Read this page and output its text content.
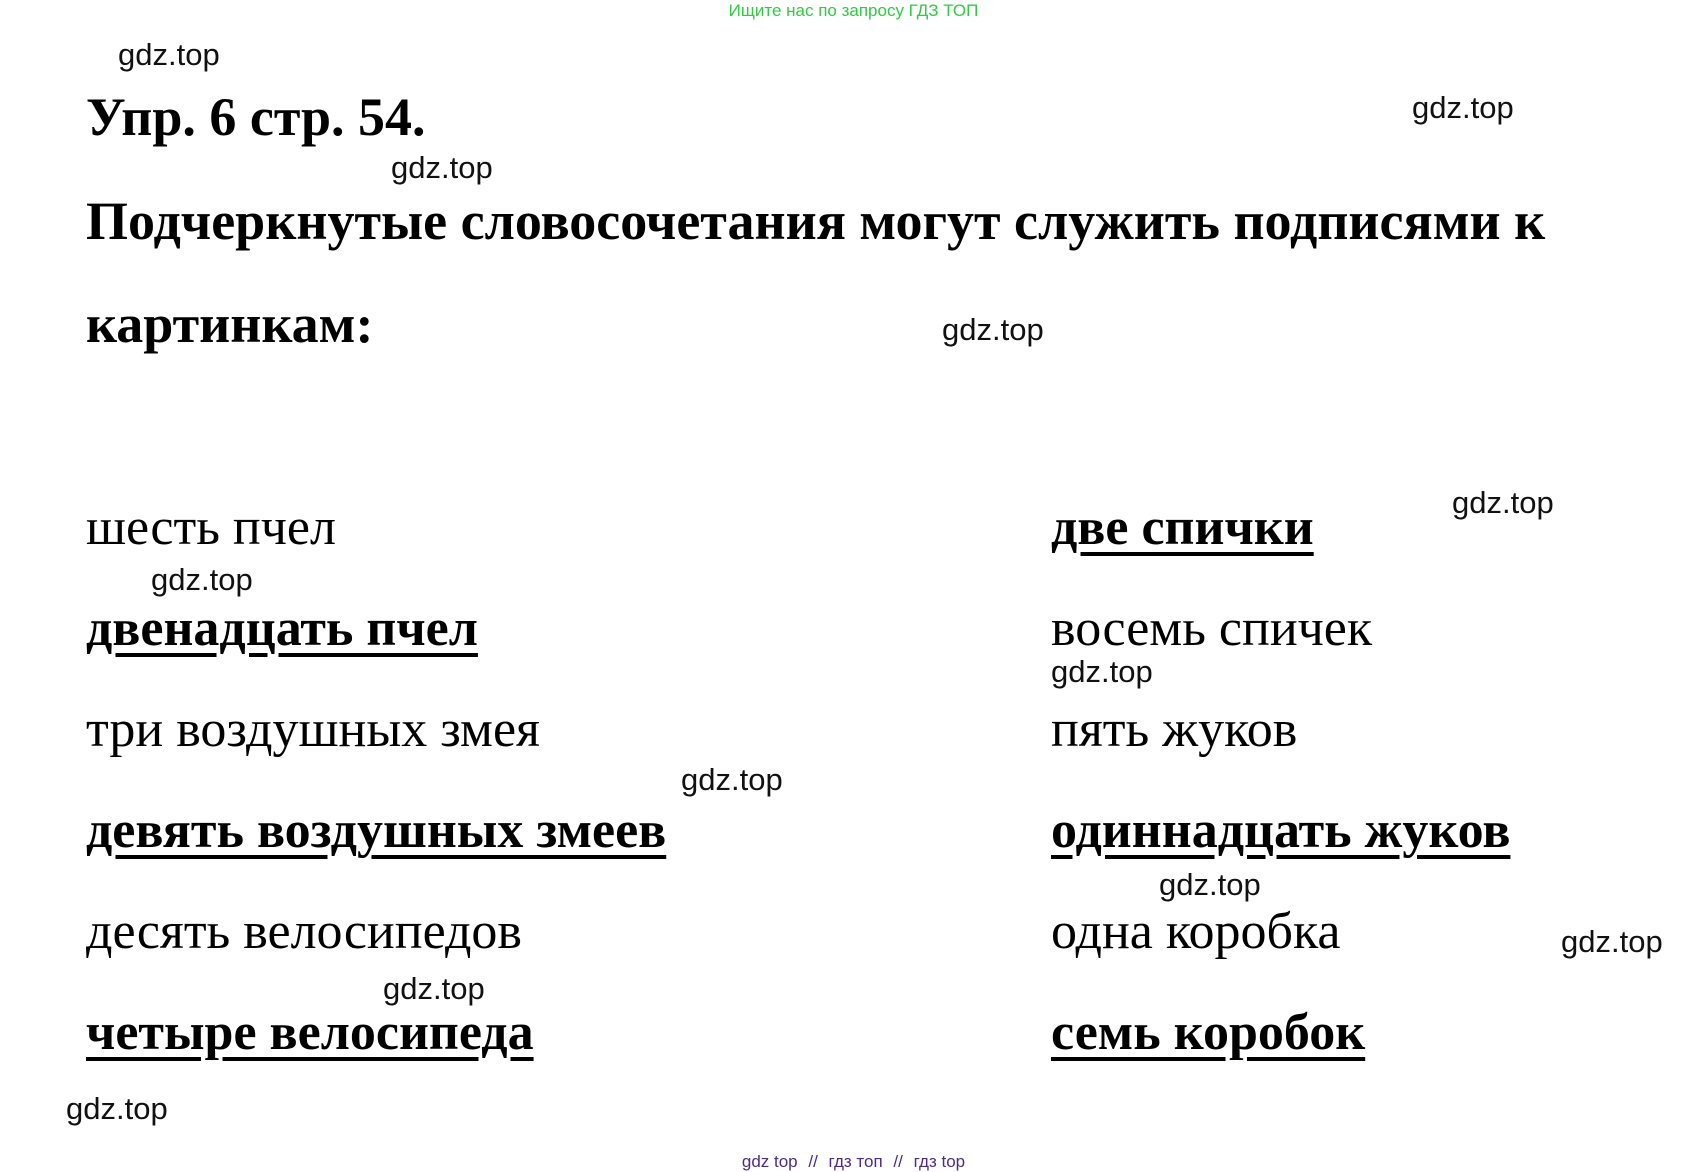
Ищите нас по запросу ГДЗ ТОП
Упр. 6 стр. 54.
Подчеркнутые словосочетания могут служить подписями к
картинкам:
шесть пчел
двенадцать пчел
три воздушных змея
девять воздушных змеев
десять велосипедов
четыре велосипеда
две спички
восемь спичек
пять жуков
одиннадцать жуков
одна коробка
семь коробок
gdz.top
gdz.top
gdz.top
gdz.top
gdz.top
gdz.top
gdz.top
gdz.top
gdz.top
gdz.top
gdz.top
gdz.top
gdz top // гдз топ // гдз top
